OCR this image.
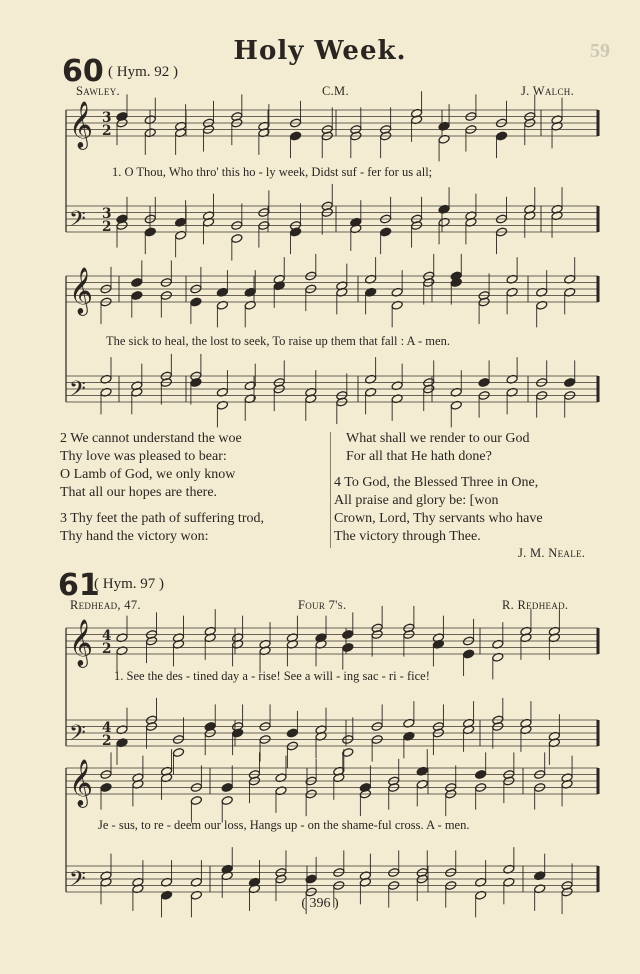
Holy Week.	59
60 ( Hym. 92 )
Sawley.	C.M.	J. Walch.
𝄞
𝄢
3
2
3
2
1. O Thou, Who thro' this ho - ly week, Didst suf - fer for us all;
𝄞
𝄢
The sick to heal, the lost to seek, To raise up them that fall : A - men.
2 We cannot understand the woe
Thy love was pleased to bear:
O Lamb of God, we only know
That all our hopes are there.
3 Thy feet the path of suffering trod,
Thy hand the victory won:
What shall we render to our God
For all that He hath done?
4 To God, the Blessed Three in One,
All praise and glory be: [won
Crown, Lord, Thy servants who have
The victory through Thee.
J. M. Neale.
61
( Hym. 97 )
Redhead, 47.	Four 7's.	R. Redhead.
𝄞
𝄢
4
2
4
2
1. See the des - tined day a - rise! See a will - ing sac - ri - fice!
𝄞
𝄢
Je - sus, to re - deem our loss, Hangs up - on the shame-ful cross. A - men.
( 396 )
